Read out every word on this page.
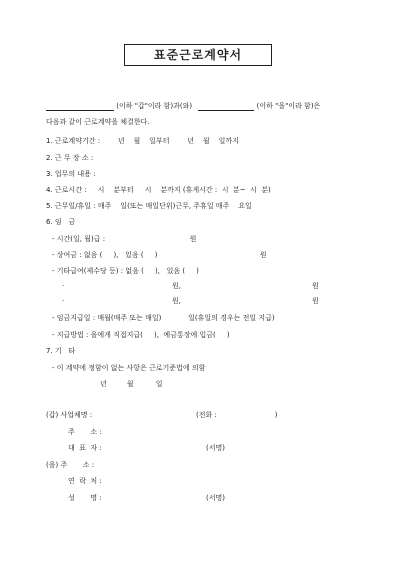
표준근로계약서
(이하 "갑"이라 함)과(와)	(이하 "을"이라 함)은
다음과 같이 근로계약을 체결한다.
1. 근로계약기간 :        년    월    일부터        년    월    일까지
2. 근 무 장 소 :
3. 업무의 내용 :
4. 근로시간 :     시    분부터     시    분까지 (휴게시간 :  시  분~  시  분)
5. 근무일/휴일 : 매주    일(또는 매일단위)근무, 주휴일 매주    요일
6. 임   금
- 시간(일, 월)급 :                                      원
- 상여금 : 없음 (     ),   있음 (     )                                              원
- 기타급여(제수당 등) : 없음 (     ),   있음 (     )
·	원,	원
·	원,	원
- 임금지급일 : 매월(매주 또는 매일)            일(휴일의 경우는 전일 지급)
- 지급방법 : 을에게 직접지급(     ),  예금통장에 입금(     )
7. 기   타
- 이 계약에 정함이 없는 사항은 근로기준법에 의함
년         월          일
(갑) 사업체명 :	(전화 :                          )
주       소 :
대  표  자 :	(서명)
(을) 주       소 :
연  락  처 :
성       명 :	(서명)
